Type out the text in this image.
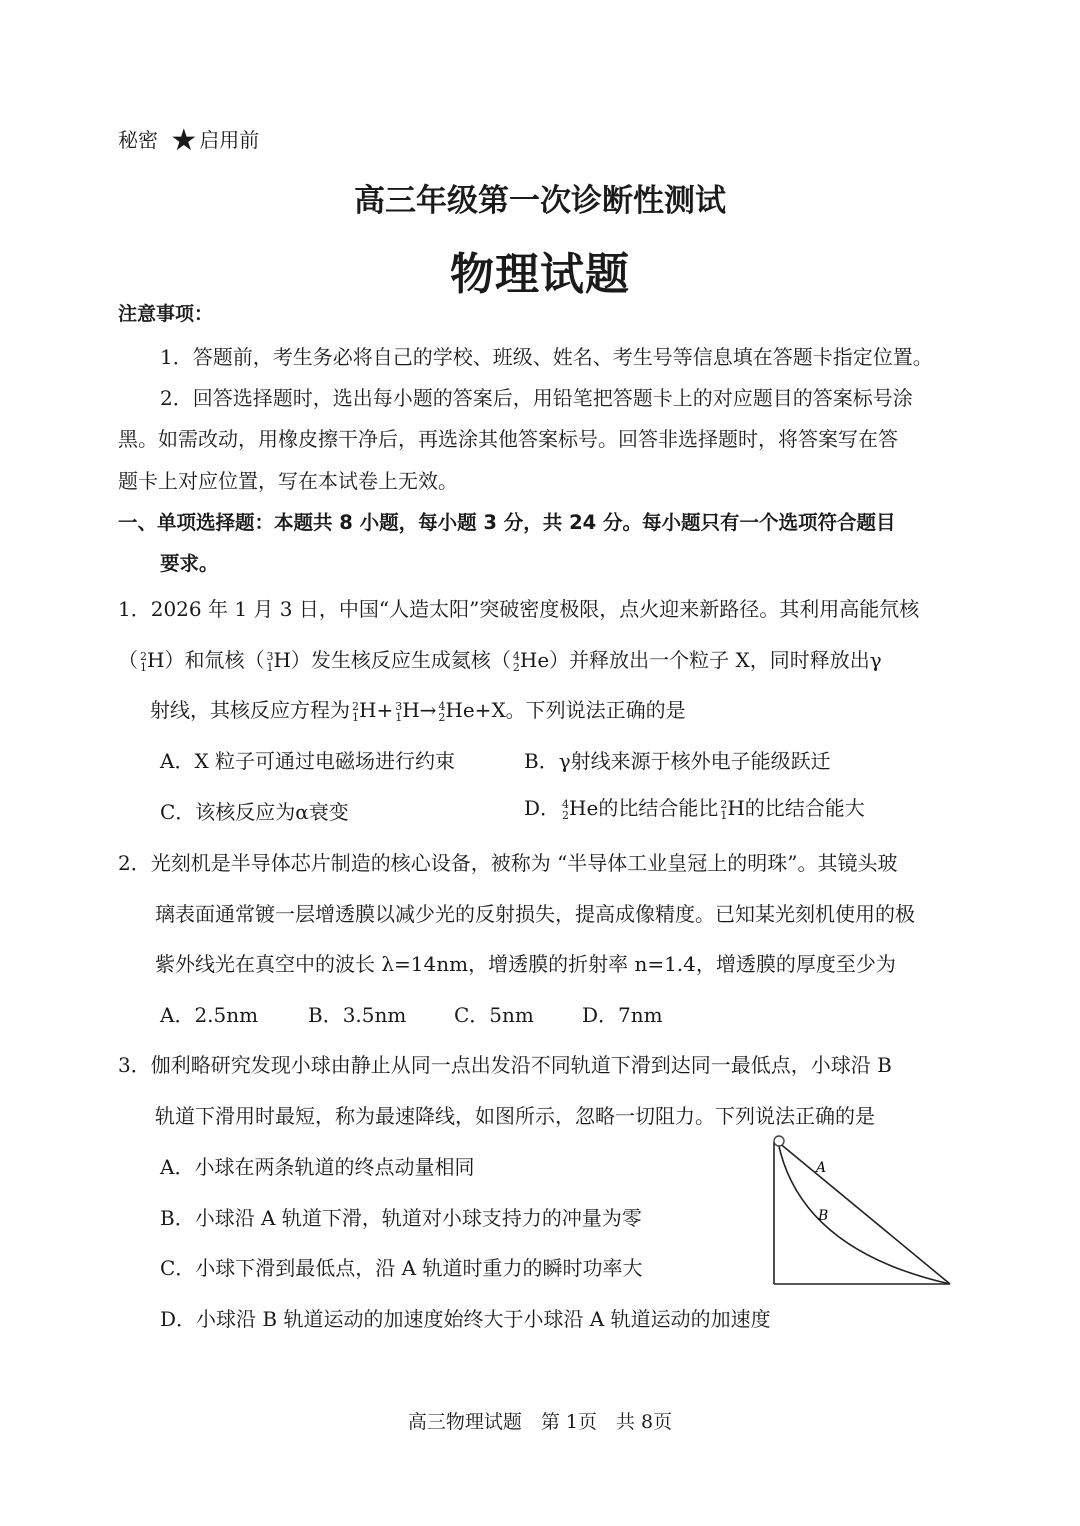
秘密 ★ 启用前
高三年级第一次诊断性测试
物理试题
注意事项：
1．答题前，考生务必将自己的学校、班级、姓名、考生号等信息填在答题卡指定位置。
2．回答选择题时，选出每小题的答案后，用铅笔把答题卡上的对应题目的答案标号涂
黑。如需改动，用橡皮擦干净后，再选涂其他答案标号。回答非选择题时，将答案写在答
题卡上对应位置，写在本试卷上无效。
一、单项选择题：本题共 8 小题，每小题 3 分，共 24 分。每小题只有一个选项符合题目
要求。
1．2026 年 1 月 3 日，中国“人造太阳”突破密度极限，点火迎来新路径。其利用高能氘核
（ 2
1 H）和氚核（ 3
1 H）发生核反应生成氦核（ 4
2 He）并释放出一个粒子 X，同时释放出γ
射线，其核反应方程为 2
1 H+ 3
1 H→ 4
2 He+X。下列说法正确的是
A．X 粒子可通过电磁场进行约束	B．γ射线来源于核外电子能级跃迁
C．该核反应为α衰变	D． 4
2 He的比结合能比 2
1 H的比结合能大
2．光刻机是半导体芯片制造的核心设备，被称为 “半导体工业皇冠上的明珠”。其镜头玻
璃表面通常镀一层增透膜以减少光的反射损失，提高成像精度。已知某光刻机使用的极
紫外线光在真空中的波长 λ=14nm，增透膜的折射率 n=1.4，增透膜的厚度至少为
A．2.5nm B．3.5nm C．5nm D．7nm
3．伽利略研究发现小球由静止从同一点出发沿不同轨道下滑到达同一最低点，小球沿 B
轨道下滑用时最短，称为最速降线，如图所示，忽略一切阻力。下列说法正确的是
A．小球在两条轨道的终点动量相同
B．小球沿 A 轨道下滑，轨道对小球支持力的冲量为零
C．小球下滑到最低点，沿 A 轨道时重力的瞬时功率大
D．小球沿 B 轨道运动的加速度始终大于小球沿 A 轨道运动的加速度
A
B
高三物理试题　第 1页　共 8页
